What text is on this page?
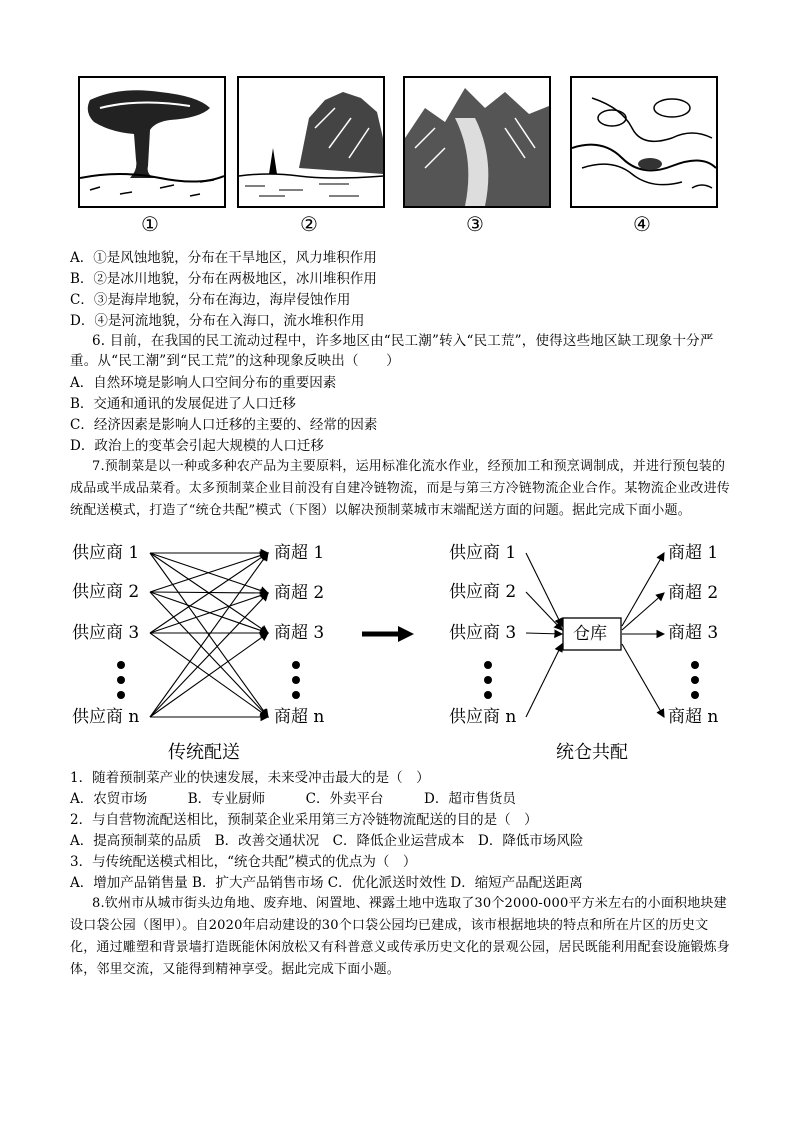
①	②	③	④
A．①是风蚀地貌，分布在干旱地区，风力堆积作用
B．②是冰川地貌，分布在两极地区，冰川堆积作用
C．③是海岸地貌，分布在海边，海岸侵蚀作用
D．④是河流地貌，分布在入海口，流水堆积作用
6. 目前，在我国的民工流动过程中，许多地区由“民工潮”转入“民工荒”，使得这些地区缺工现象十分严重。从“民工潮”到“民工荒”的这种现象反映出（　　）
A．自然环境是影响人口空间分布的重要因素
B．交通和通讯的发展促进了人口迁移
C．经济因素是影响人口迁移的主要的、经常的因素
D．政治上的变革会引起大规模的人口迁移
7.预制菜是以一种或多种农产品为主要原料，运用标准化流水作业，经预加工和预烹调制成，并进行预包装的成品或半成品菜肴。太多预制菜企业目前没有自建冷链物流，而是与第三方冷链物流企业合作。某物流企业改进传统配送模式，打造了“统仓共配”模式（下图）以解决预制菜城市末端配送方面的问题。据此完成下面小题。
供应商 1
供应商 2
供应商 3
供应商 n
商超 1
商超 2
商超 3
商超 n
供应商 1
供应商 2
供应商 3
供应商 n
仓库
商超 1
商超 2
商超 3
商超 n
传统配送	统仓共配
1．随着预制菜产业的快速发展，未来受冲击最大的是（　）
A．农贸市场　　　B．专业厨师　　　C．外卖平台　　　D．超市售货员
2．与自营物流配送相比，预制菜企业采用第三方冷链物流配送的目的是（　）
A．提高预制菜的品质　B．改善交通状况　C．降低企业运营成本　D．降低市场风险
3．与传统配送模式相比，“统仓共配”模式的优点为（　）
A．增加产品销售量 B．扩大产品销售市场 C．优化派送时效性 D．缩短产品配送距离
8.钦州市从城市街头边角地、废弃地、闲置地、裸露土地中选取了30个2000-000平方米左右的小面积地块建设口袋公园（图甲）。自2020年启动建设的30个口袋公园均已建成，该市根据地块的特点和所在片区的历史文化，通过雕塑和背景墙打造既能休闲放松又有科普意义或传承历史文化的景观公园，居民既能利用配套设施锻炼身体，邻里交流，又能得到精神享受。据此完成下面小题。
